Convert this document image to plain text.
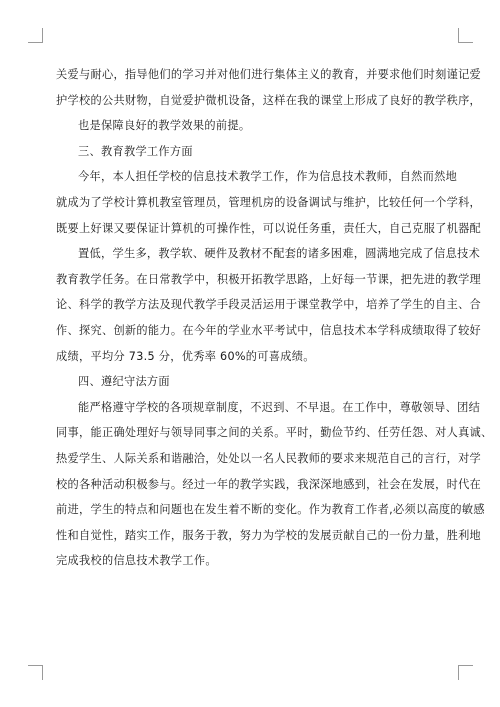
关爱与耐心，指导他们的学习并对他们进行集体主义的教育，并要求他们时刻谨记爱
护学校的公共财物，自觉爱护微机设备，这样在我的课堂上形成了良好的教学秩序，
也是保障良好的教学效果的前提。
三、教育教学工作方面
今年，本人担任学校的信息技术教学工作，作为信息技术教师，自然而然地
就成为了学校计算机教室管理员，管理机房的设备调试与维护，比较任何一个学科，
既要上好课又要保证计算机的可操作性，可以说任务重，责任大，自己克服了机器配
置低，学生多，教学软、硬件及教材不配套的诸多困难，圆满地完成了信息技术
教育教学任务。在日常教学中，积极开拓教学思路，上好每一节课，把先进的教学理
论、科学的教学方法及现代教学手段灵活运用于课堂教学中，培养了学生的自主、合
作、探究、创新的能力。在今年的学业水平考试中，信息技术本学科成绩取得了较好
成绩，平均分 73.5 分，优秀率 60%的可喜成绩。
四、遵纪守法方面
能严格遵守学校的各项规章制度，不迟到、不早退。在工作中，尊敬领导、团结
同事，能正确处理好与领导同事之间的关系。平时，勤俭节约、任劳任怨、对人真诚、
热爱学生、人际关系和谐融洽，处处以一名人民教师的要求来规范自己的言行，对学
校的各种活动积极参与。经过一年的教学实践，我深深地感到，社会在发展，时代在
前进，学生的特点和问题也在发生着不断的变化。作为教育工作者,必须以高度的敏感
性和自觉性，踏实工作，服务于教，努力为学校的发展贡献自己的一份力量，胜利地
完成我校的信息技术教学工作。
